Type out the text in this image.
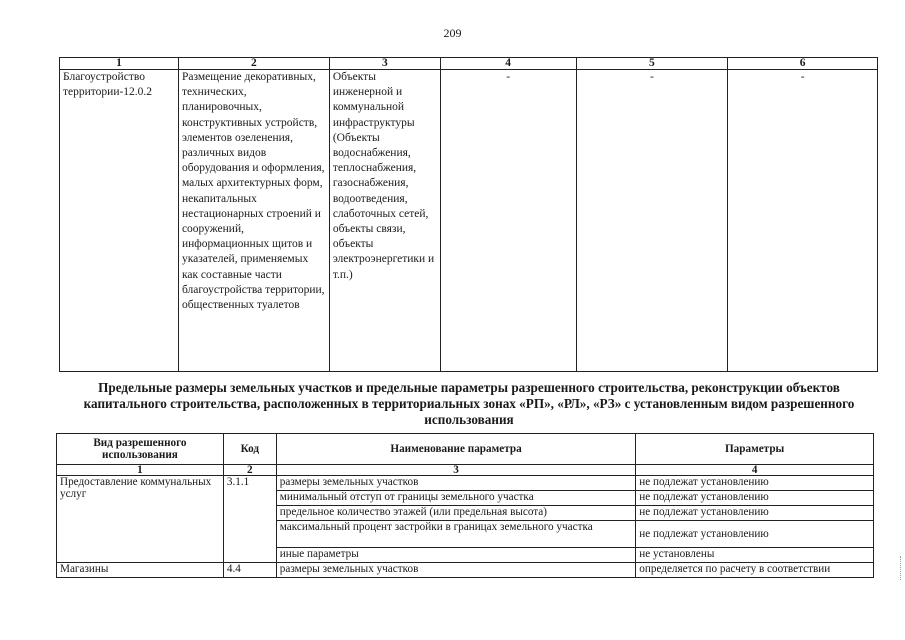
209
1	2	3	4	5	6
Благоустройство территории-12.0.2	Размещение декоративных, технических, планировочных, конструктивных устройств, элементов озеленения, различных видов оборудования и оформления, малых архитектурных форм, некапитальных нестационарных строений и сооружений, информационных щитов и указателей, применяемых как составные части благоустройства территории, общественных туалетов	Объекты инженерной и коммунальной инфраструктуры (Объекты водоснабжения, теплоснабжения, газоснабжения, водоотведения, слаботочных сетей, объекты связи, объекты электроэнергетики и т.п.)	-	-	-
Предельные размеры земельных участков и предельные параметры разрешенного строительства, реконструкции объектов капитального строительства, расположенных в территориальных зонах «РП», «РЛ», «РЗ» с установленным видом разрешенного использования
Вид разрешенного использования	Код	Наименование параметра	Параметры
1	2	3	4
Предоставление коммунальных услуг	3.1.1	размеры земельных участков	не подлежат установлению
		минимальный отступ от границы земельного участка	не подлежат установлению
		предельное количество этажей (или предельная высота)	не подлежат установлению
		максимальный процент застройки в границах земельного участка	не подлежат установлению
		иные параметры	не установлены
Магазины	4.4	размеры земельных участков	определяется по расчету в соответствии
